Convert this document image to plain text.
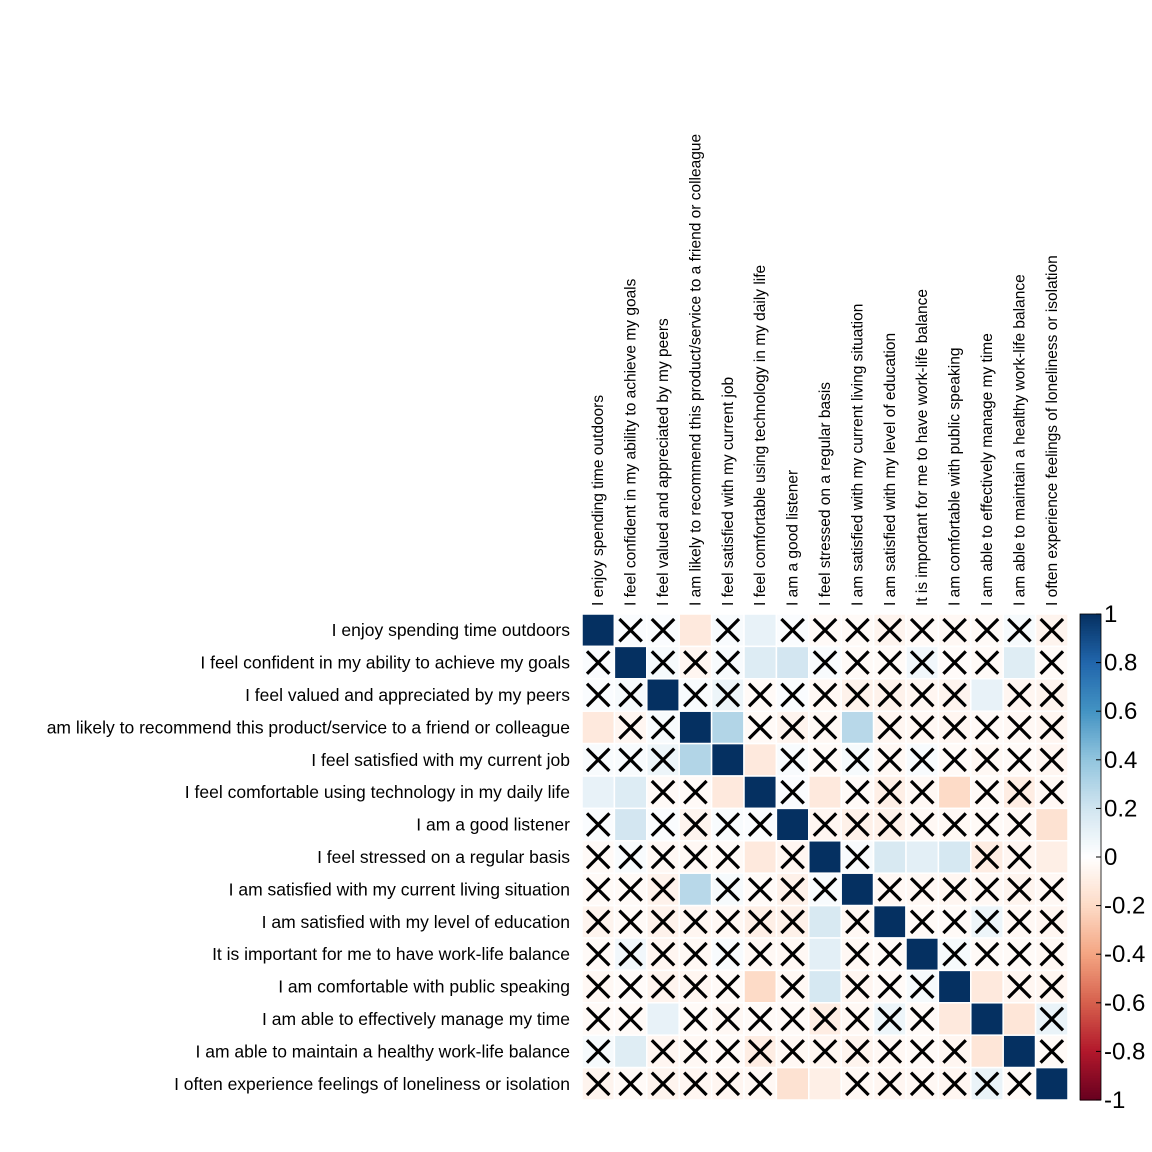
I enjoy spending time outdoors I feel confident in my ability to achieve my goals I feel valued and appreciated by my peers I am likely to recommend this product/service to a friend or colleague I feel satisfied with my current job I feel comfortable using technology in my daily life I am a good listener I feel stressed on a regular basis I am satisfied with my current living situation I am satisfied with my level of education It is important for me to have work-life balance I am comfortable with public speaking I am able to effectively manage my time I am able to maintain a healthy work-life balance I often experience feelings of loneliness or isolation
I enjoy spending time outdoors
I feel confident in my ability to achieve my goals
I feel valued and appreciated by my peers
am likely to recommend this product/service to a friend or colleague
I feel satisfied with my current job
I feel comfortable using technology in my daily life
I am a good listener
I feel stressed on a regular basis
I am satisfied with my current living situation
I am satisfied with my level of education
It is important for me to have work-life balance
I am comfortable with public speaking
I am able to effectively manage my time
I am able to maintain a healthy work-life balance
I often experience feelings of loneliness or isolation
1
0.8
0.6
0.4
0.2
0
-0.2
-0.4
-0.6
-0.8
-1
